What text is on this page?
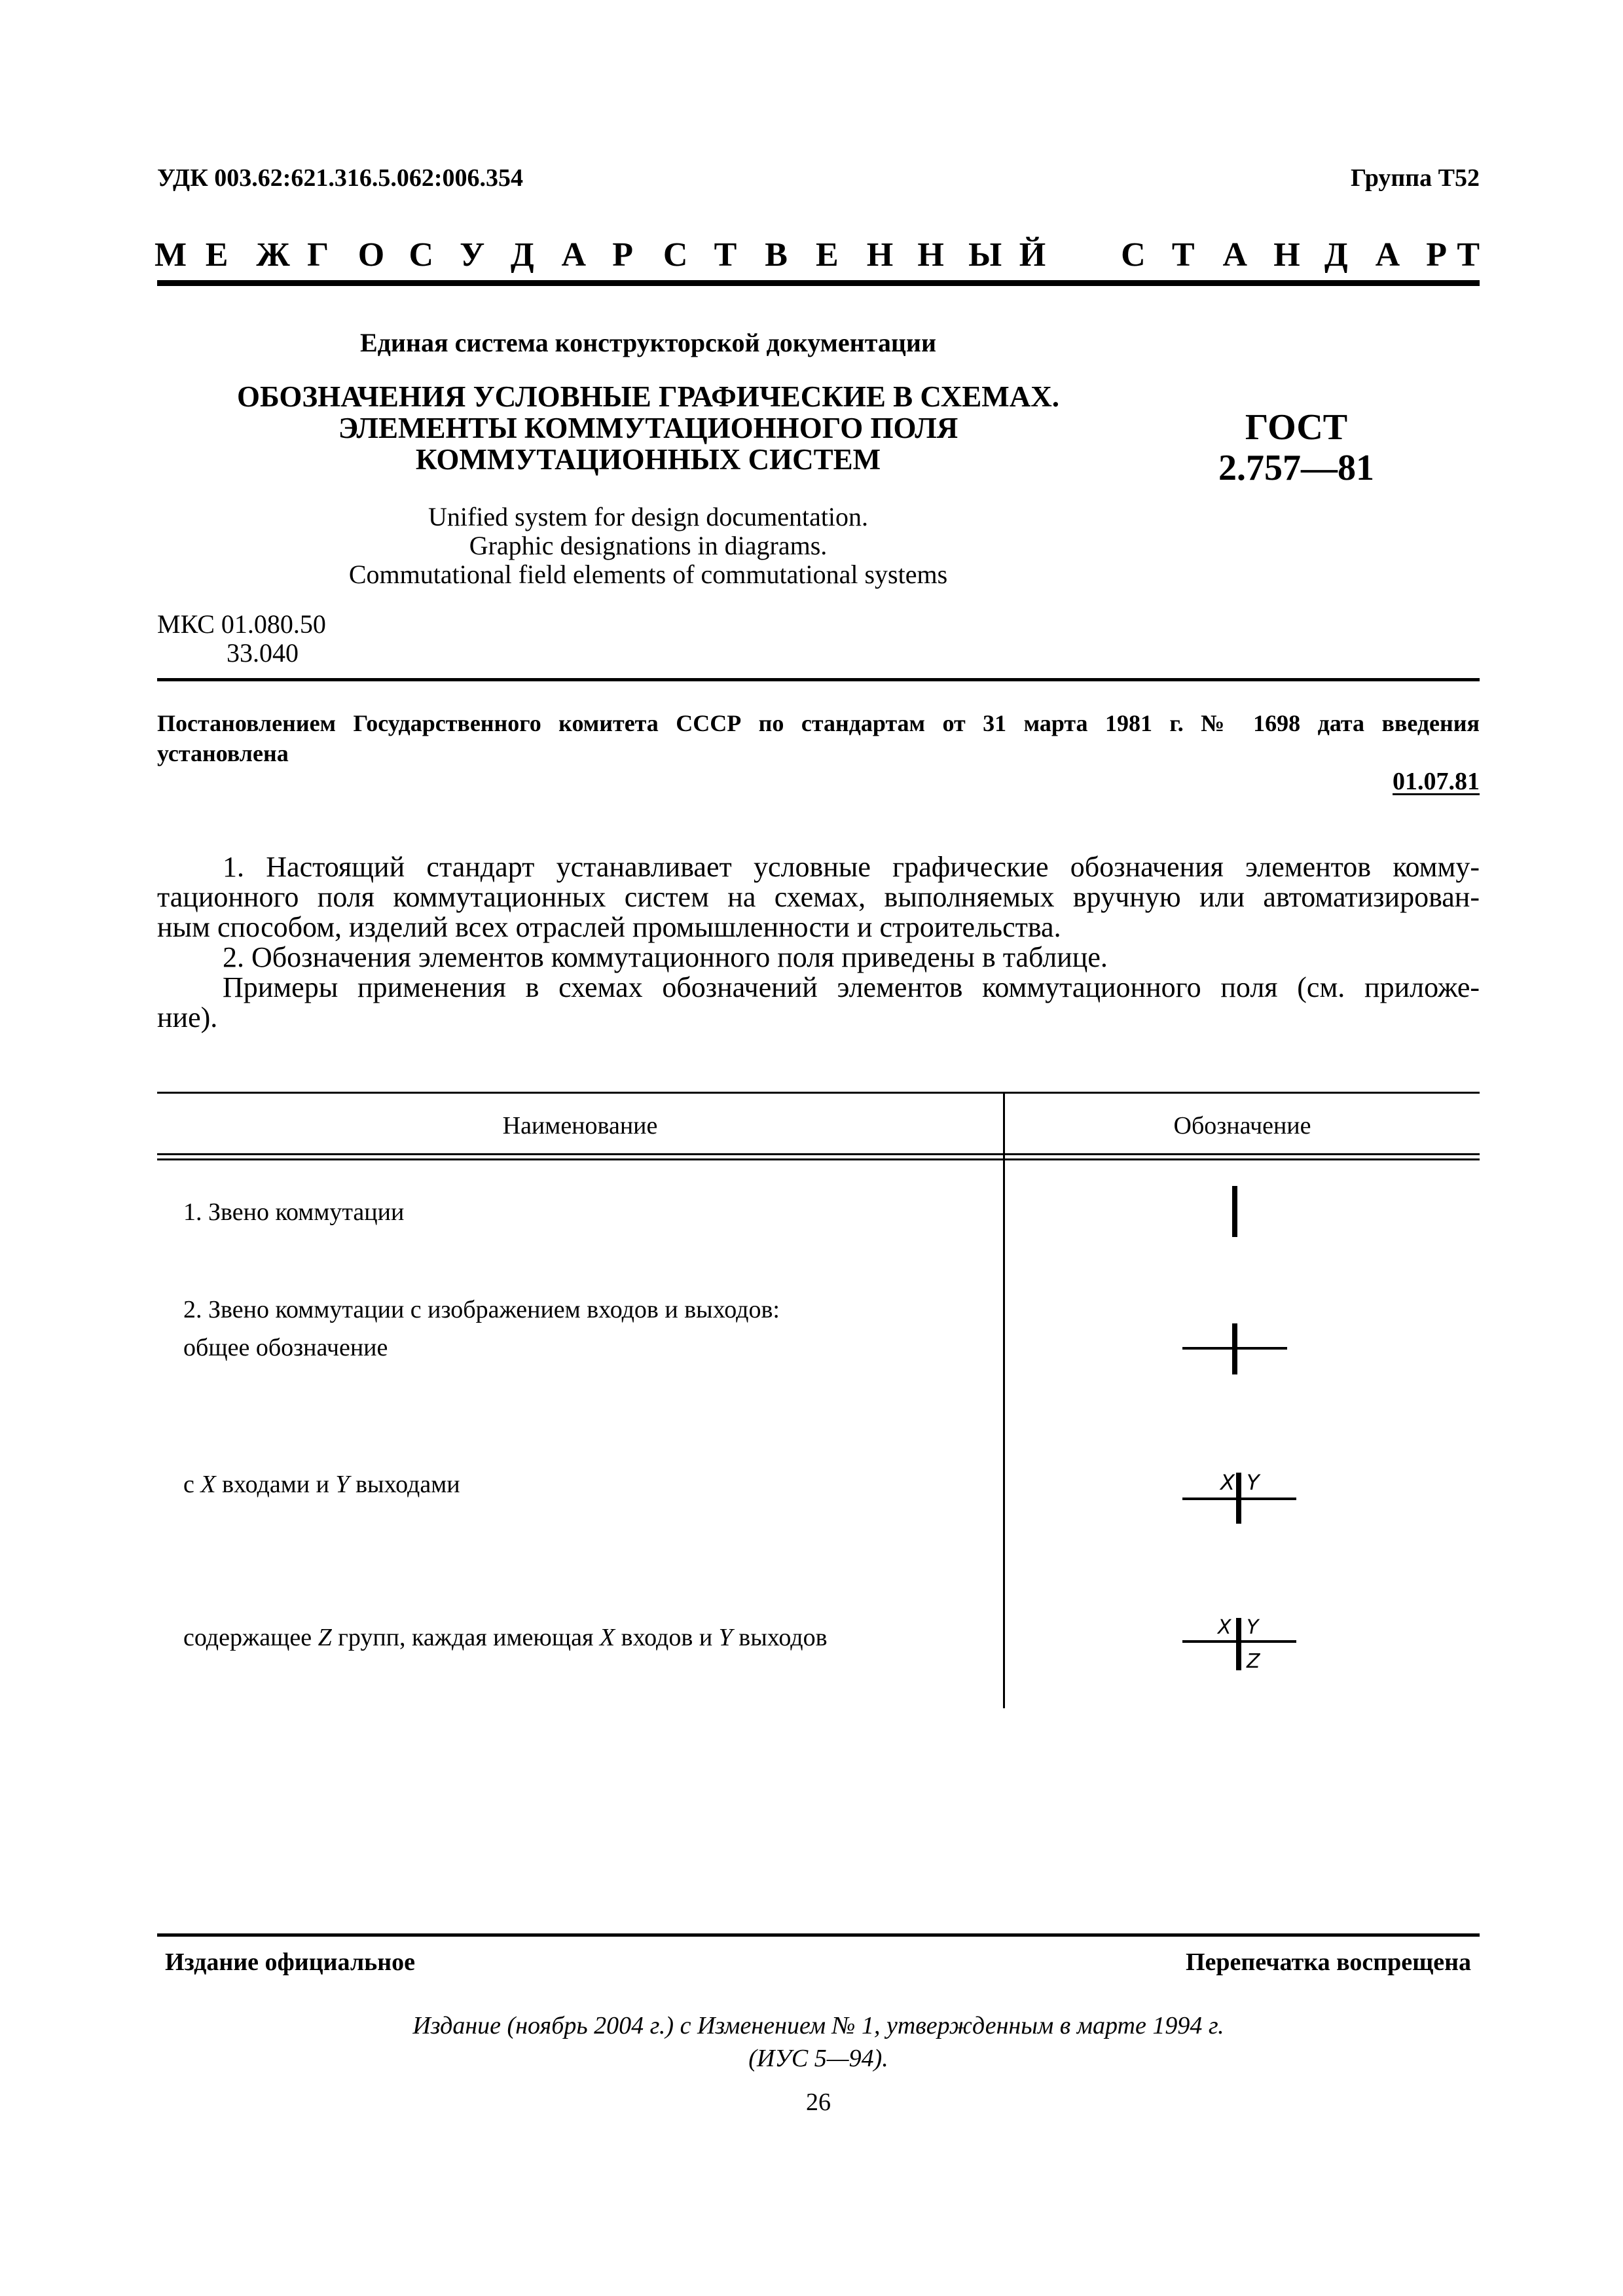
УДК 003.62:621.316.5.062:006.354	Группа Т52
М Е Ж Г О С У Д А Р С Т В Е Н Н Ы Й С Т А Н Д А Р Т
Единая система конструкторской документации
ОБОЗНАЧЕНИЯ УСЛОВНЫЕ ГРАФИЧЕСКИЕ В СХЕМАХ.
ЭЛЕМЕНТЫ КОММУТАЦИОННОГО ПОЛЯ
КОММУТАЦИОННЫХ СИСТЕМ
ГОСТ
2.757—81
Unified system for design documentation.
Graphic designations in diagrams.
Commutational field elements of commutational systems
МКС 01.080.50
33.040
Постановлением Государственного комитета СССР по стандартам от 31 марта 1981 г. № 1698 дата введения
установлена
01.07.81
1. Настоящий стандарт устанавливает условные графические обозначения элементов комму-
тационного поля коммутационных систем на схемах, выполняемых вручную или автоматизирован-
ным способом, изделий всех отраслей промышленности и строительства.
2. Обозначения элементов коммутационного поля приведены в таблице.
Примеры применения в схемах обозначений элементов коммутационного поля (см. приложе-
ние).
Наименование	Обозначение
1. Звено коммутации
2. Звено коммутации с изображением входов и выходов:
общее обозначение
с X входами и Y выходами	X Y
содержащее Z групп, каждая имеющая X входов и Y выходов	X Y
Z
Издание официальное	Перепечатка воспрещена
Издание (ноябрь 2004 г.) с Изменением № 1, утвержденным в марте 1994 г.
(ИУС 5—94).
26
